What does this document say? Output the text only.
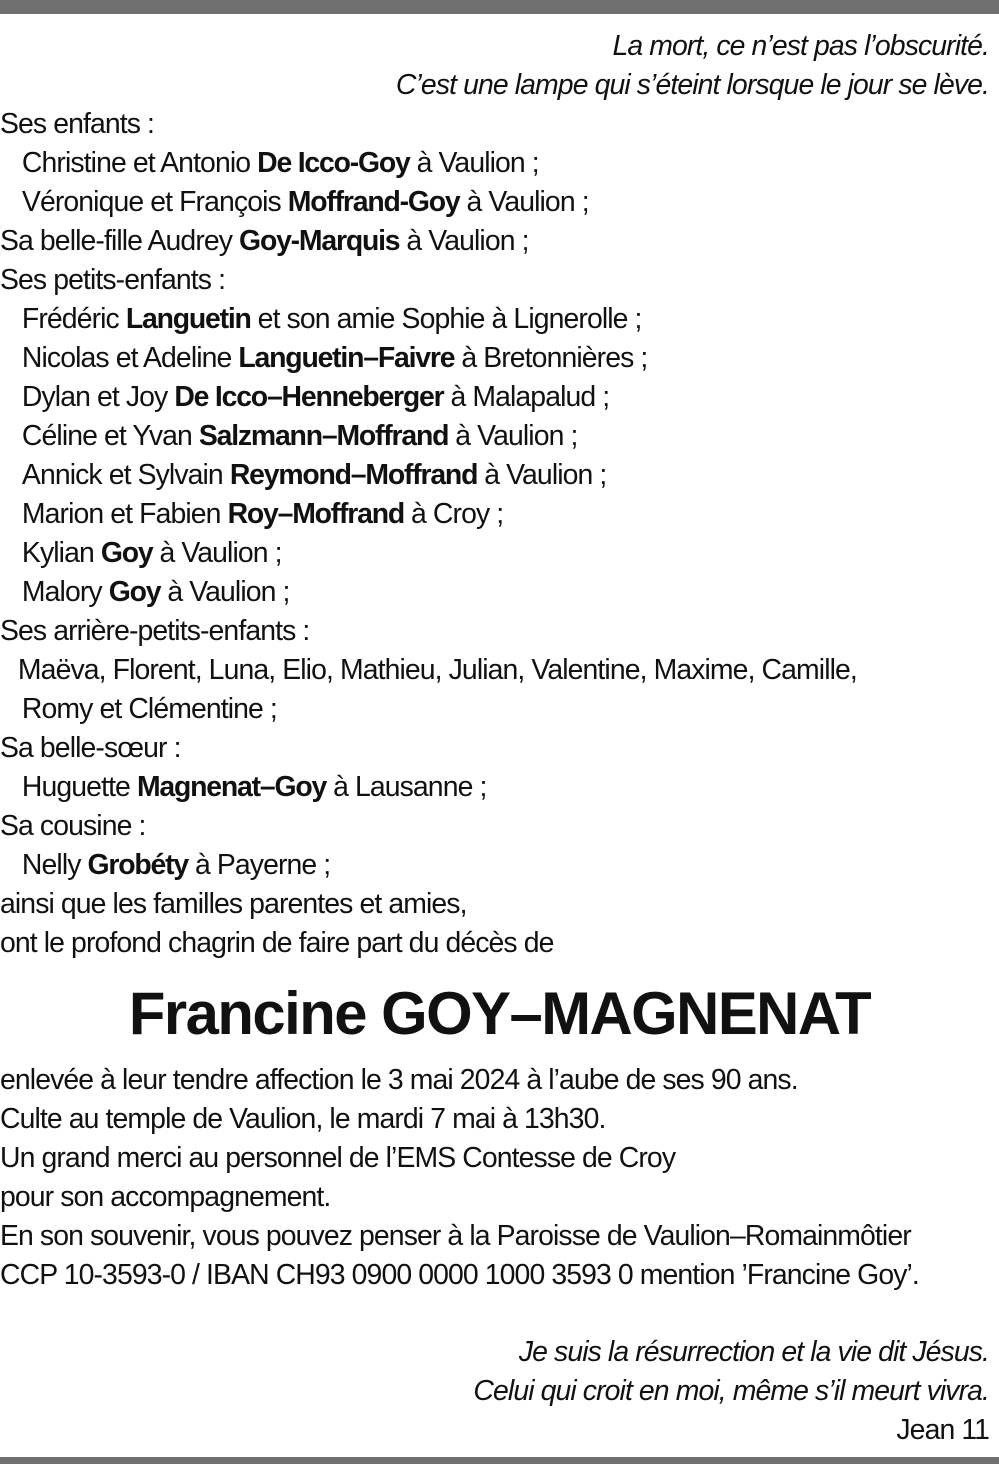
La mort, ce n’est pas l’obscurité.
C’est une lampe qui s’éteint lorsque le jour se lève.
Ses enfants :
Christine et Antonio De Icco-Goy à Vaulion ;
Véronique et François Moffrand-Goy à Vaulion ;
Sa belle-fille Audrey Goy-Marquis à Vaulion ;
Ses petits-enfants :
Frédéric Languetin et son amie Sophie à Lignerolle ;
Nicolas et Adeline Languetin–Faivre à Bretonnières ;
Dylan et Joy De Icco–Henneberger à Malapalud ;
Céline et Yvan Salzmann–Moffrand à Vaulion ;
Annick et Sylvain Reymond–Moffrand à Vaulion ;
Marion et Fabien Roy–Moffrand à Croy ;
Kylian Goy à Vaulion ;
Malory Goy à Vaulion ;
Ses arrière-petits-enfants :
Maëva, Florent, Luna, Elio, Mathieu, Julian, Valentine, Maxime, Camille,
Romy et Clémentine ;
Sa belle-sœur :
Huguette Magnenat–Goy à Lausanne ;
Sa cousine :
Nelly Grobéty à Payerne ;
ainsi que les familles parentes et amies,
ont le profond chagrin de faire part du décès de
Francine GOY–MAGNENAT
enlevée à leur tendre affection le 3 mai 2024 à l’aube de ses 90 ans.
Culte au temple de Vaulion, le mardi 7 mai à 13h30.
Un grand merci au personnel de l’EMS Contesse de Croy
pour son accompagnement.
En son souvenir, vous pouvez penser à la Paroisse de Vaulion–Romainmôtier
CCP 10-3593-0 / IBAN CH93 0900 0000 1000 3593 0 mention ’Francine Goy’.
Je suis la résurrection et la vie dit Jésus.
Celui qui croit en moi, même s’il meurt vivra.
Jean 11
